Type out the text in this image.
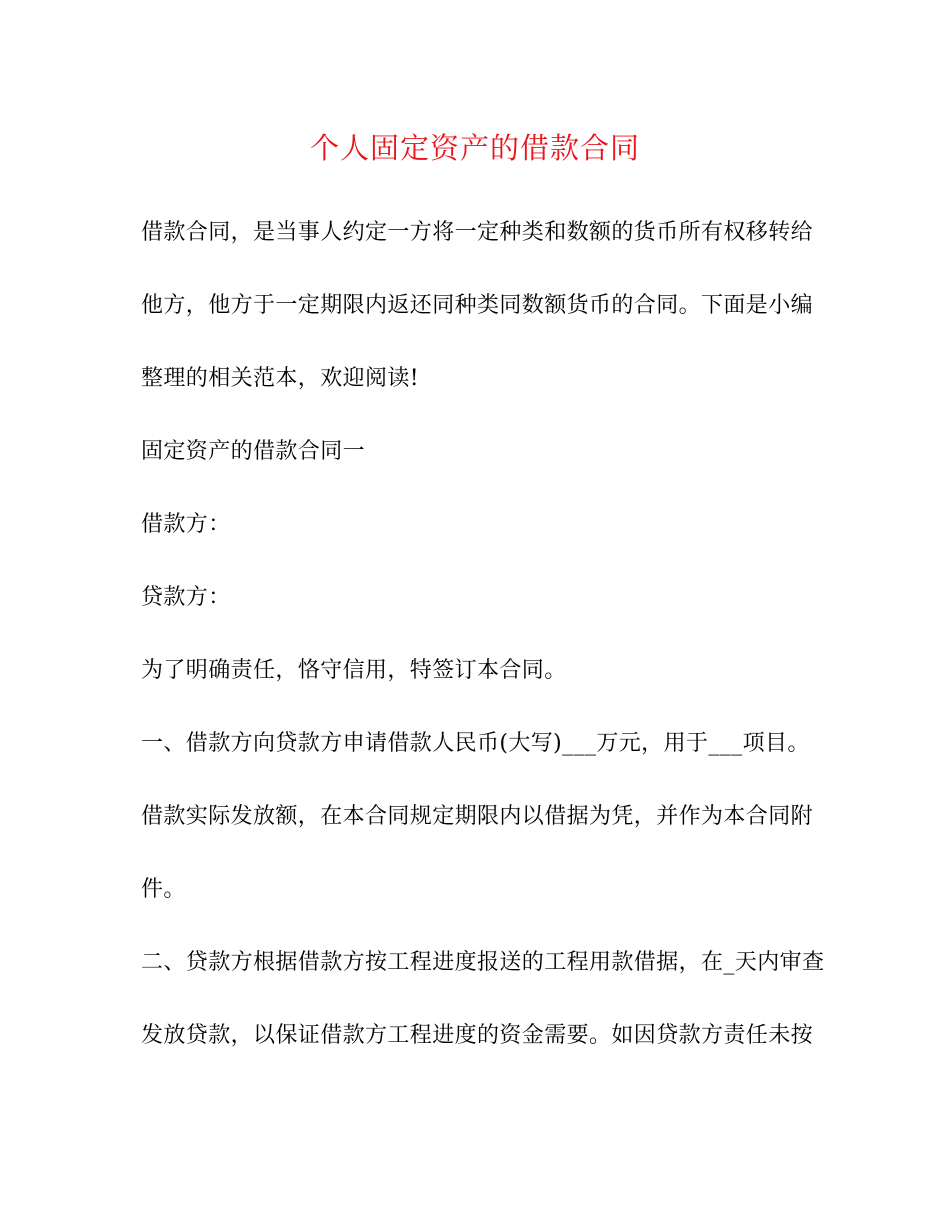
个人固定资产的借款合同
借款合同，是当事人约定一方将一定种类和数额的货币所有权移转给
他方，他方于一定期限内返还同种类同数额货币的合同。下面是小编
整理的相关范本，欢迎阅读!
固定资产的借款合同一
借款方：
贷款方：
为了明确责任，恪守信用，特签订本合同。
一、借款方向贷款方申请借款人民币(大写)___万元，用于___项目。
借款实际发放额，在本合同规定期限内以借据为凭，并作为本合同附
件。
二、贷款方根据借款方按工程进度报送的工程用款借据，在_天内审查
发放贷款，以保证借款方工程进度的资金需要。如因贷款方责任未按
